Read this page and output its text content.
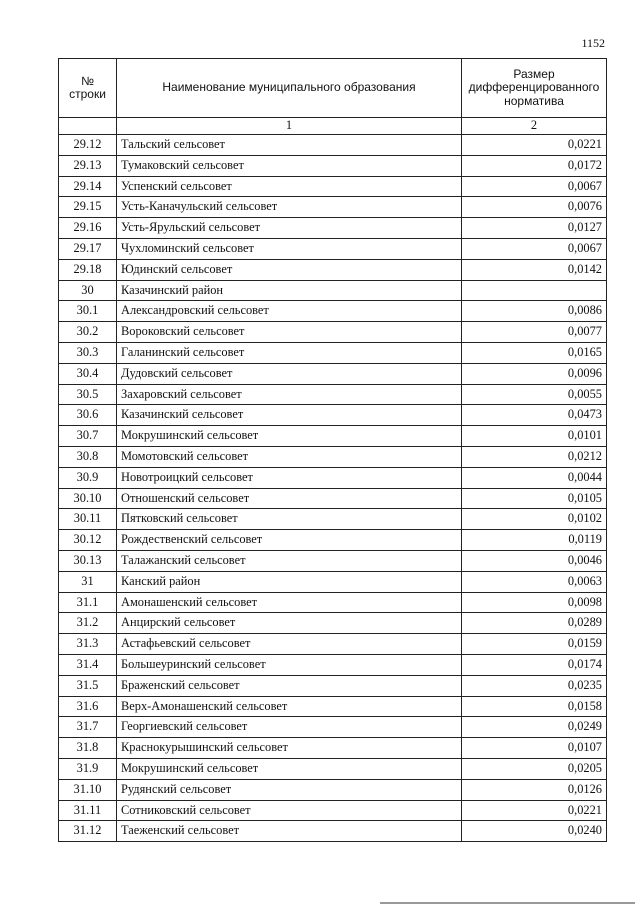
1152
№ строки	Наименование муниципального образования	Размер дифференцированного норматива
	1	2
29.12	Тальский сельсовет	0,0221
29.13	Тумаковский сельсовет	0,0172
29.14	Успенский сельсовет	0,0067
29.15	Усть-Каначульский сельсовет	0,0076
29.16	Усть-Ярульский сельсовет	0,0127
29.17	Чухломинский сельсовет	0,0067
29.18	Юдинский сельсовет	0,0142
30	Казачинский район	
30.1	Александровский сельсовет	0,0086
30.2	Вороковский сельсовет	0,0077
30.3	Галанинский сельсовет	0,0165
30.4	Дудовский сельсовет	0,0096
30.5	Захаровский сельсовет	0,0055
30.6	Казачинский сельсовет	0,0473
30.7	Мокрушинский сельсовет	0,0101
30.8	Момотовский сельсовет	0,0212
30.9	Новотроицкий сельсовет	0,0044
30.10	Отношенский сельсовет	0,0105
30.11	Пятковский сельсовет	0,0102
30.12	Рождественский сельсовет	0,0119
30.13	Талажанский сельсовет	0,0046
31	Канский район	0,0063
31.1	Амонашенский сельсовет	0,0098
31.2	Анцирский сельсовет	0,0289
31.3	Астафьевский сельсовет	0,0159
31.4	Большеуринский сельсовет	0,0174
31.5	Браженский сельсовет	0,0235
31.6	Верх-Амонашенский сельсовет	0,0158
31.7	Георгиевский сельсовет	0,0249
31.8	Краснокурышинский сельсовет	0,0107
31.9	Мокрушинский сельсовет	0,0205
31.10	Рудянский сельсовет	0,0126
31.11	Сотниковский сельсовет	0,0221
31.12	Таеженский сельсовет	0,0240
